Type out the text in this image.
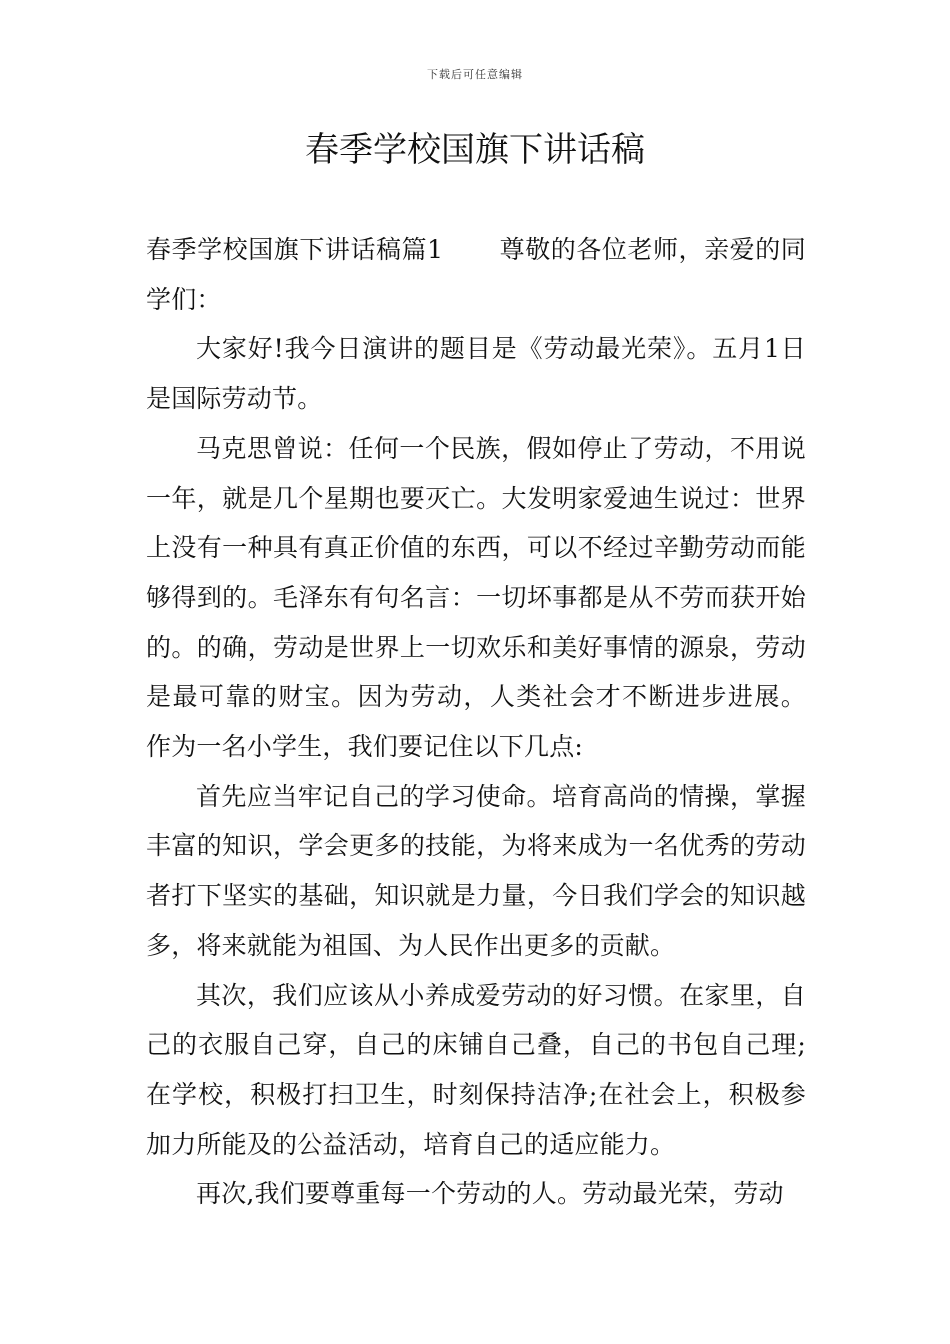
下载后可任意编辑
春季学校国旗下讲话稿

春季学校国旗下讲话稿篇1 尊敬的各位老师，亲爱的同学们：

大家好!我今日演讲的题目是《劳动最光荣》。五月1日是国际劳动节。

马克思曾说：任何一个民族，假如停止了劳动，不用说一年，就是几个星期也要灭亡。大发明家爱迪生说过：世界上没有一种具有真正价值的东西，可以不经过辛勤劳动而能够得到的。毛泽东有句名言：一切坏事都是从不劳而获开始的。的确，劳动是世界上一切欢乐和美好事情的源泉，劳动是最可靠的财宝。因为劳动，人类社会才不断进步进展。 作为一名小学生，我们要记住以下几点:

首先应当牢记自己的学习使命。培育高尚的情操，掌握丰富的知识，学会更多的技能，为将来成为一名优秀的劳动者打下坚实的基础，知识就是力量，今日我们学会的知识越多，将来就能为祖国、为人民作出更多的贡献。

其次，我们应该从小养成爱劳动的好习惯。在家里，自己的衣服自己穿，自己的床铺自己叠，自己的书包自己理;在学校，积极打扫卫生，时刻保持洁净;在社会上，积极参加力所能及的公益活动，培育自己的适应能力。

再次,我们要尊重每一个劳动的人。劳动最光荣，劳动
